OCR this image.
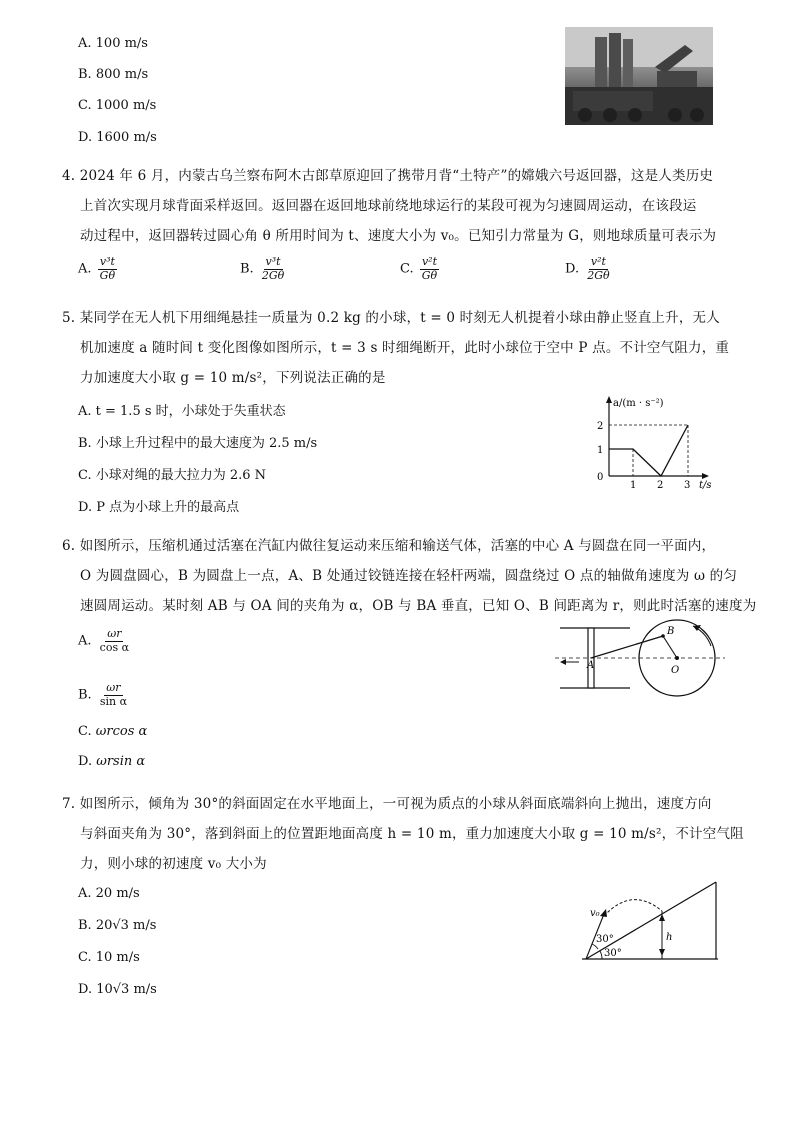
A. 100 m/s
B. 800 m/s
C. 1000 m/s
D. 1600 m/s
4. 2024 年 6 月，内蒙古乌兰察布阿木古郎草原迎回了携带月背“土特产”的嫦娥六号返回器，这是人类历史
上首次实现月球背面采样返回。返回器在返回地球前绕地球运行的某段可视为匀速圆周运动，在该段运
动过程中，返回器转过圆心角 θ 所用时间为 t、速度大小为 v₀。已知引力常量为 G，则地球质量可表示为
A. $\frac{\text{v³t}}{G\theta}$	B. $\frac{\text{v³t}}{2G\theta}$	C. $\frac{\text{v²t}}{G\theta}$	D. $\frac{\text{v²t}}{2G\theta}$
5. 某同学在无人机下用细绳悬挂一质量为 0.2 kg 的小球，t = 0 时刻无人机提着小球由静止竖直上升，无人
机加速度 a 随时间 t 变化图像如图所示，t = 3 s 时细绳断开，此时小球位于空中 P 点。不计空气阻力，重
力加速度大小取 g = 10 m/s²，下列说法正确的是
A. t = 1.5 s 时，小球处于失重状态
B. 小球上升过程中的最大速度为 2.5 m/s
C. 小球对绳的最大拉力为 2.6 N
D. P 点为小球上升的最高点
a/(m · s⁻²)
t/s
2
1
0
1 2 3
6. 如图所示，压缩机通过活塞在汽缸内做往复运动来压缩和输送气体，活塞的中心 A 与圆盘在同一平面内，
O 为圆盘圆心，B 为圆盘上一点，A、B 处通过铰链连接在轻杆两端，圆盘绕过 O 点的轴做角速度为 ω 的匀
速圆周运动。某时刻 AB 与 OA 间的夹角为 α，OB 与 BA 垂直，已知 O、B 间距离为 r，则此时活塞的速度为
A. $\frac{\omega r}{\text{cos α}}$
B. $\frac{\omega r}{\text{sin α}}$
C. ωrcos α
D. ωrsin α
A
B
O
7. 如图所示，倾角为 30°的斜面固定在水平地面上，一可视为质点的小球从斜面底端斜向上抛出，速度方向
与斜面夹角为 30°，落到斜面上的位置距地面高度 h = 10 m，重力加速度大小取 g = 10 m/s²，不计空气阻
力，则小球的初速度 v₀ 大小为
A. 20 m/s
B. 20√3 m/s
C. 10 m/s
D. 10√3 m/s
v₀
30°
30°
h
